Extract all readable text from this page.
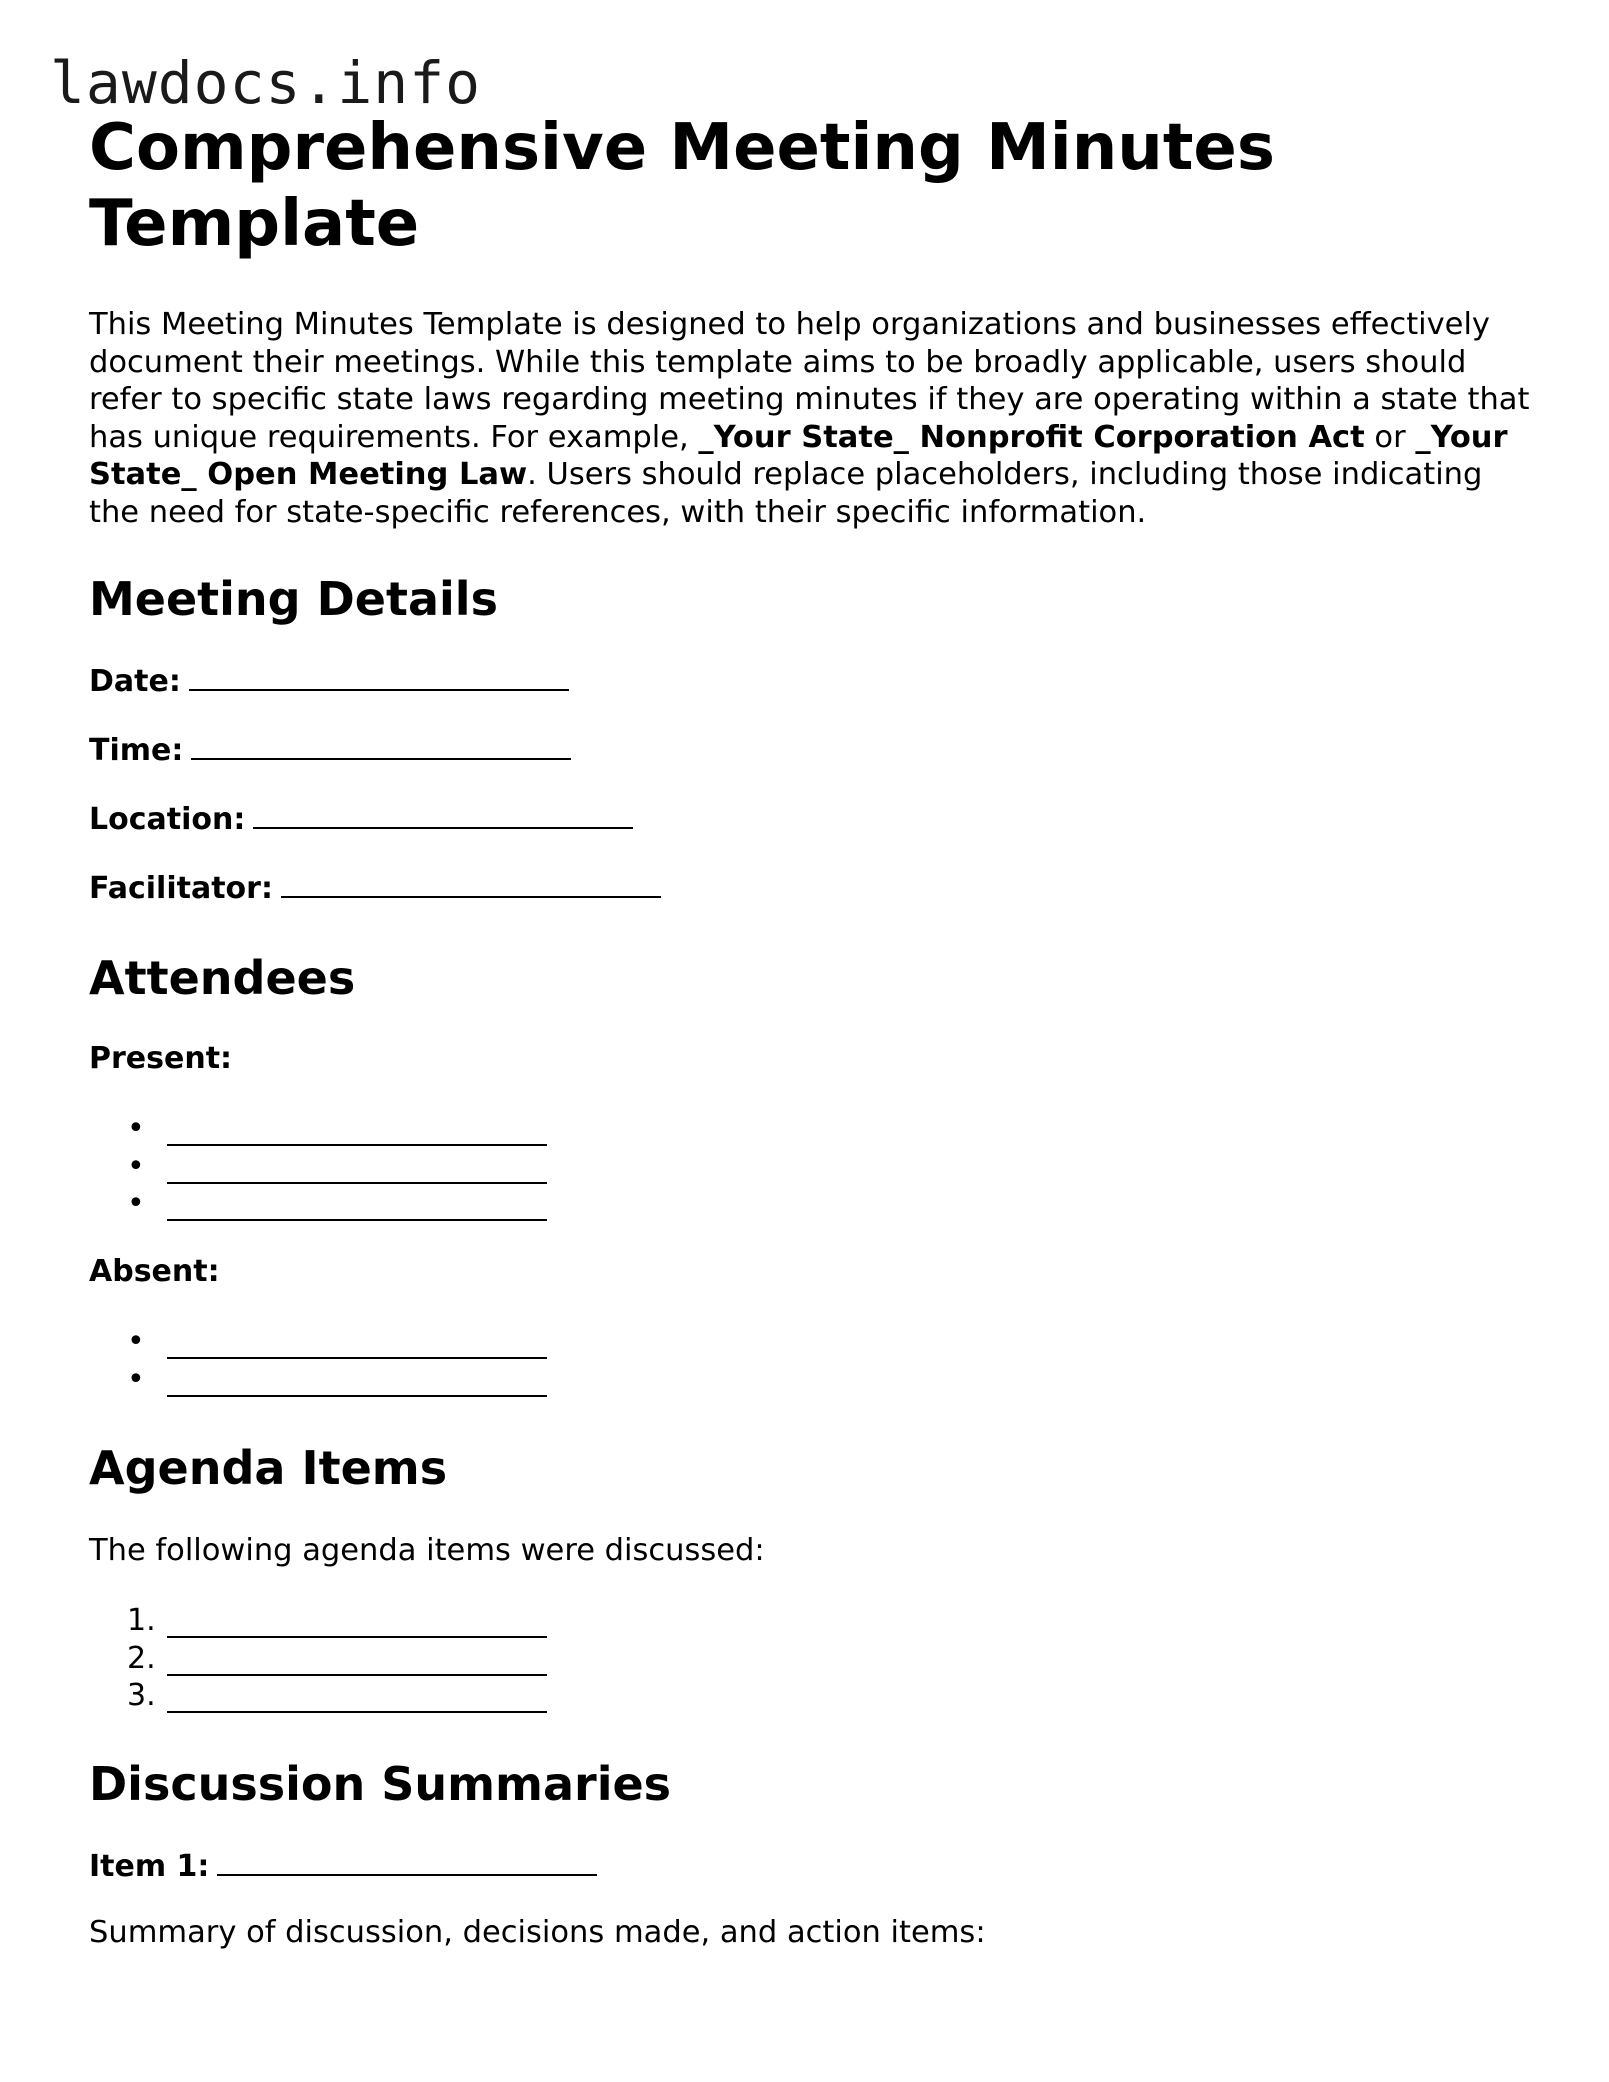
lawdocs.info
Comprehensive Meeting Minutes Template

This Meeting Minutes Template is designed to help organizations and businesses effectively document their meetings. While this template aims to be broadly applicable, users should refer to specific state laws regarding meeting minutes if they are operating within a state that has unique requirements. For example, _Your State_ Nonprofit Corporation Act or _Your State_ Open Meeting Law. Users should replace placeholders, including those indicating the need for state-specific references, with their specific information.

Meeting Details

Date:

Time:

Location:

Facilitator:

Attendees

Present:

•
•
•

Absent:

•
•
Agenda Items

The following agenda items were discussed:

1.
2.
3.
Discussion Summaries

Item 1:

Summary of discussion, decisions made, and action items:
